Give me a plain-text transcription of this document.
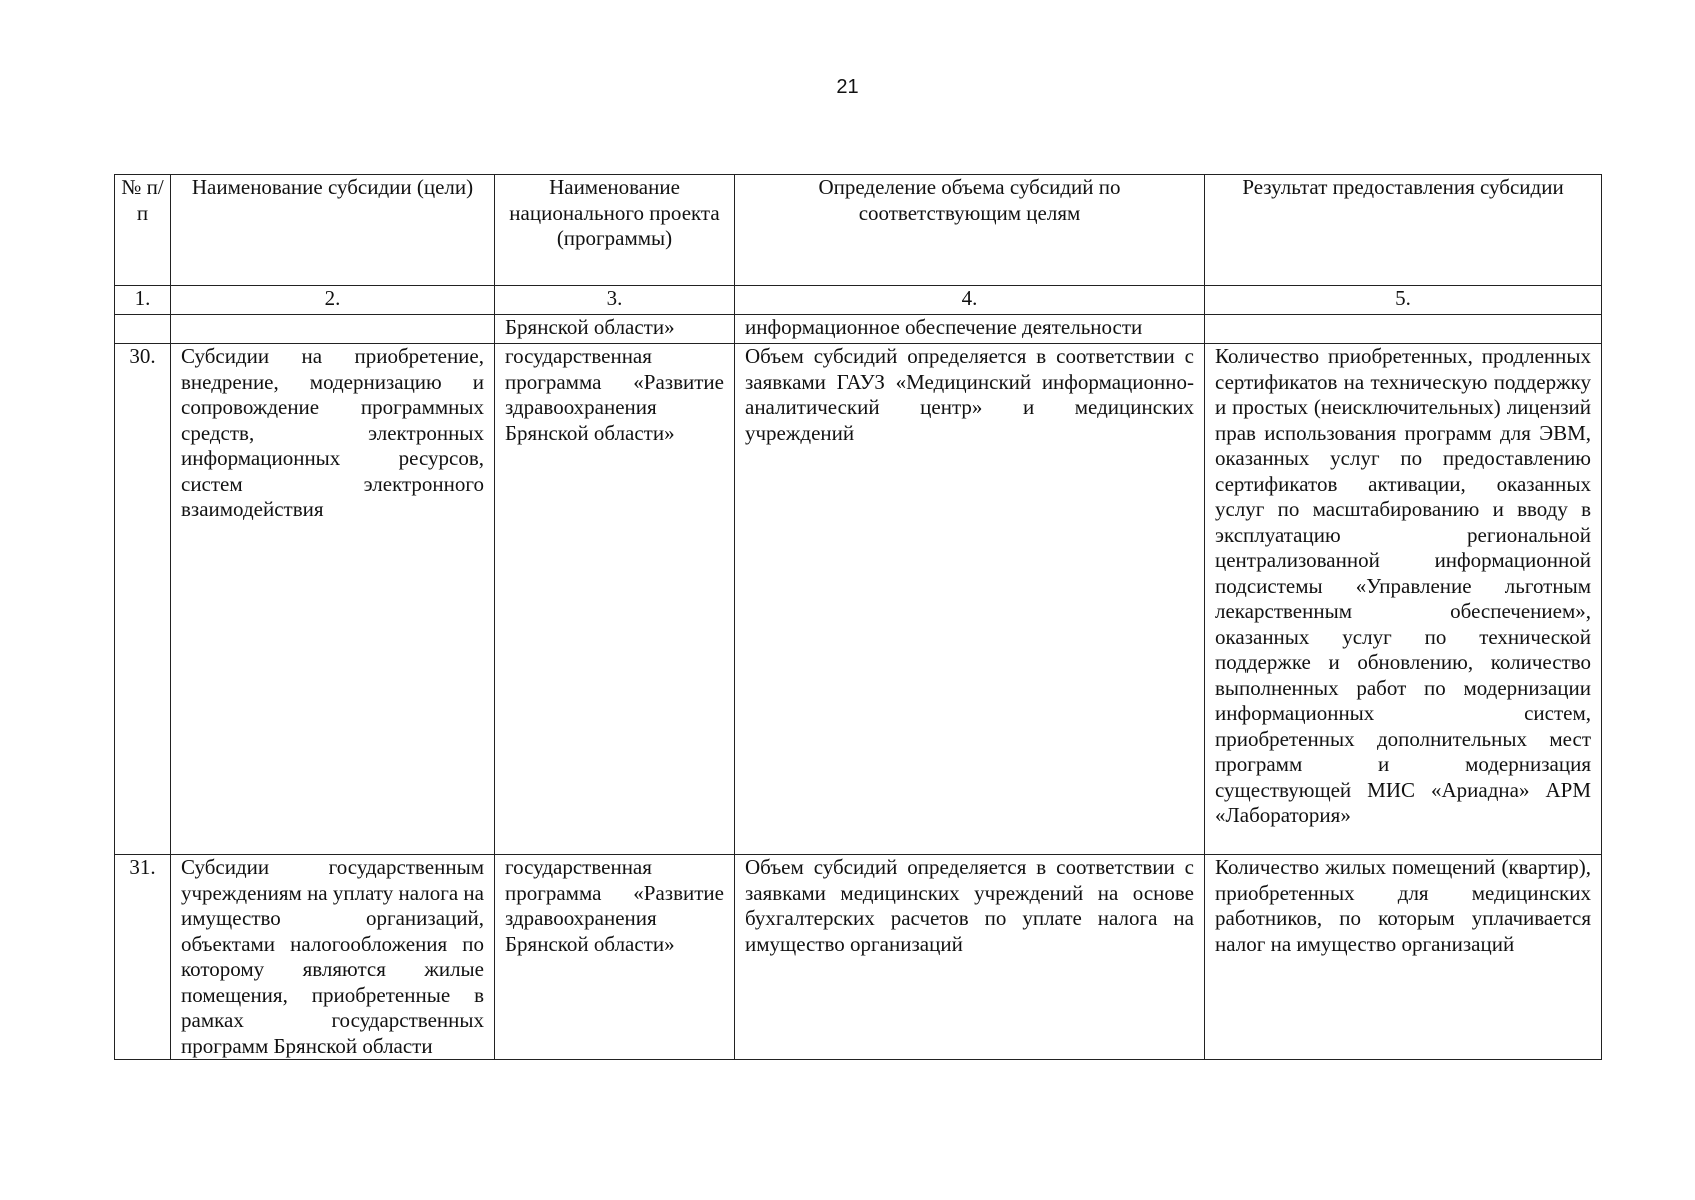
21
№ п/п	Наименование субсидии (цели)	Наименование национального проекта (программы)	Определение объема субсидий по соответствующим целям	Результат предоставления субсидии
1.	2.	3.	4.	5.
		Брянской области»	информационное обеспечение деятельности	
30.	Субсидии на приобретение, внедрение, модернизацию и сопровождение программных средств, электронных информационных ресурсов, систем электронного взаимодействия	государственная программа «Развитие здравоохранения Брянской области»	Объем субсидий определяется в соответствии с заявками ГАУЗ «Медицинский информационно-аналитический центр» и медицинских учреждений	Количество приобретенных, продленных сертификатов на техническую поддержку и простых (неисключительных) лицензий прав использования программ для ЭВМ, оказанных услуг по предоставлению сертификатов активации, оказанных услуг по масштабированию и вводу в эксплуатацию региональной централизованной информационной подсистемы «Управление льготным лекарственным обеспечением», оказанных услуг по технической поддержке и обновлению, количество выполненных работ по модернизации информационных систем, приобретенных дополнительных мест программ и модернизация существующей МИС «Ариадна» АРМ «Лаборатория»
31.	Субсидии государственным учреждениям на уплату налога на имущество организаций, объектами налогообложения по которому являются жилые помещения, приобретенные в рамках государственных программ Брянской области	государственная программа «Развитие здравоохранения Брянской области»	Объем субсидий определяется в соответствии с заявками медицинских учреждений на основе бухгалтерских расчетов по уплате налога на имущество организаций	Количество жилых помещений (квартир), приобретенных для медицинских работников, по которым уплачивается налог на имущество организаций
